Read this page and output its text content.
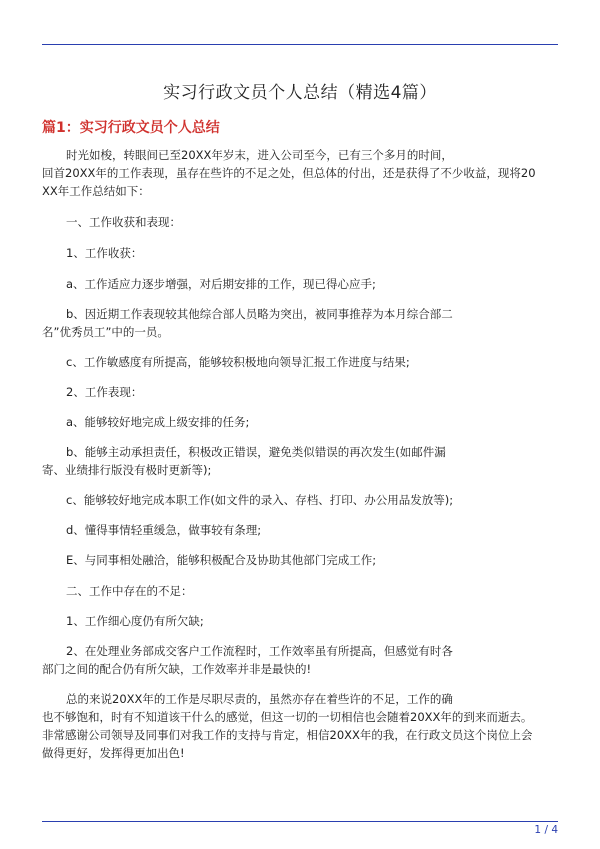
实习行政文员个人总结（精选4篇）
篇1：实习行政文员个人总结
时光如梭，转眼间已至20XX年岁末，进入公司至今，已有三个多月的时间，
回首20XX年的工作表现，虽存在些许的不足之处，但总体的付出，还是获得了不少收益，现将20
XX年工作总结如下：
一、工作收获和表现：
1、工作收获：
a、工作适应力逐步增强，对后期安排的工作，现已得心应手;
b、因近期工作表现较其他综合部人员略为突出，被同事推荐为本月综合部二
名”优秀员工”中的一员。
c、工作敏感度有所提高，能够较积极地向领导汇报工作进度与结果;
2、工作表现：
a、能够较好地完成上级安排的任务;
b、能够主动承担责任，积极改正错误，避免类似错误的再次发生(如邮件漏
寄、业绩排行版没有极时更新等);
c、能够较好地完成本职工作(如文件的录入、存档、打印、办公用品发放等);
d、懂得事情轻重缓急，做事较有条理;
E、与同事相处融洽，能够积极配合及协助其他部门完成工作;
二、工作中存在的不足：
1、工作细心度仍有所欠缺;
2、在处理业务部成交客户工作流程时，工作效率虽有所提高，但感觉有时各
部门之间的配合仍有所欠缺，工作效率并非是最快的!
总的来说20XX年的工作是尽职尽责的，虽然亦存在着些许的不足，工作的确
也不够饱和，时有不知道该干什么的感觉，但这一切的一切相信也会随着20XX年的到来而逝去。
非常感谢公司领导及同事们对我工作的支持与肯定，相信20XX年的我，在行政文员这个岗位上会
做得更好，发挥得更加出色!
1 / 4
